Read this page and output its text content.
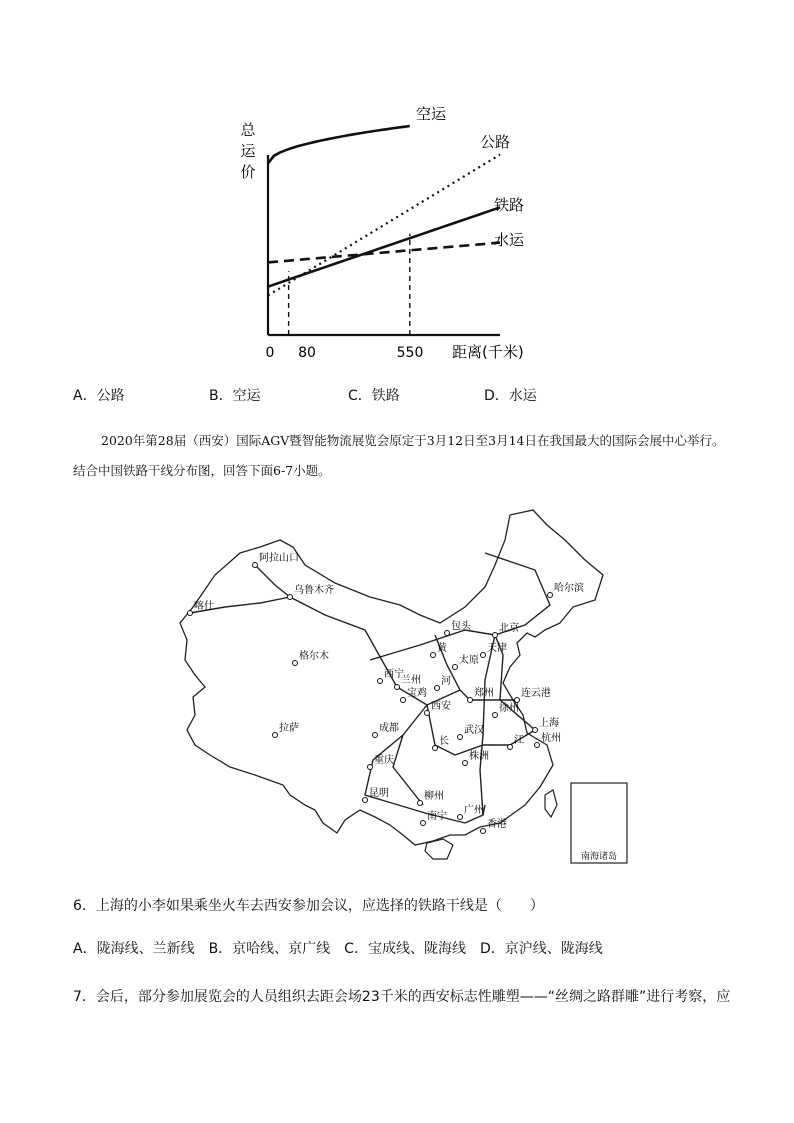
总
运
价
距离(千米)
0 80	550
空运
公路
铁路
水运
A．公路	B．空运	C．铁路	D．水运
2020年第28届（西安）国际AGV暨智能物流展览会原定于3月12日至3月14日在我国最大的国际会展中心举行。结合中国铁路干线分布图，回答下面6-7小题。
南海诸岛
阿拉山口
乌鲁木齐
喀什
哈尔滨
包头	北京
黄
太原
天津
格尔木
西宁
兰州
宝鸡
河
郑州	连云港
西安	徐州
成都
长
武汉
江
上海
杭州
拉萨
重庆	株洲
昆明	柳州
广州
南宁
香港
6．上海的小李如果乘坐火车去西安参加会议，应选择的铁路干线是（　　）
A．陇海线、兰新线　B．京哈线、京广线　C．宝成线、陇海线　D．京沪线、陇海线
7．会后，部分参加展览会的人员组织去距会场23千米的西安标志性雕塑——“丝绸之路群雕”进行考察，应
